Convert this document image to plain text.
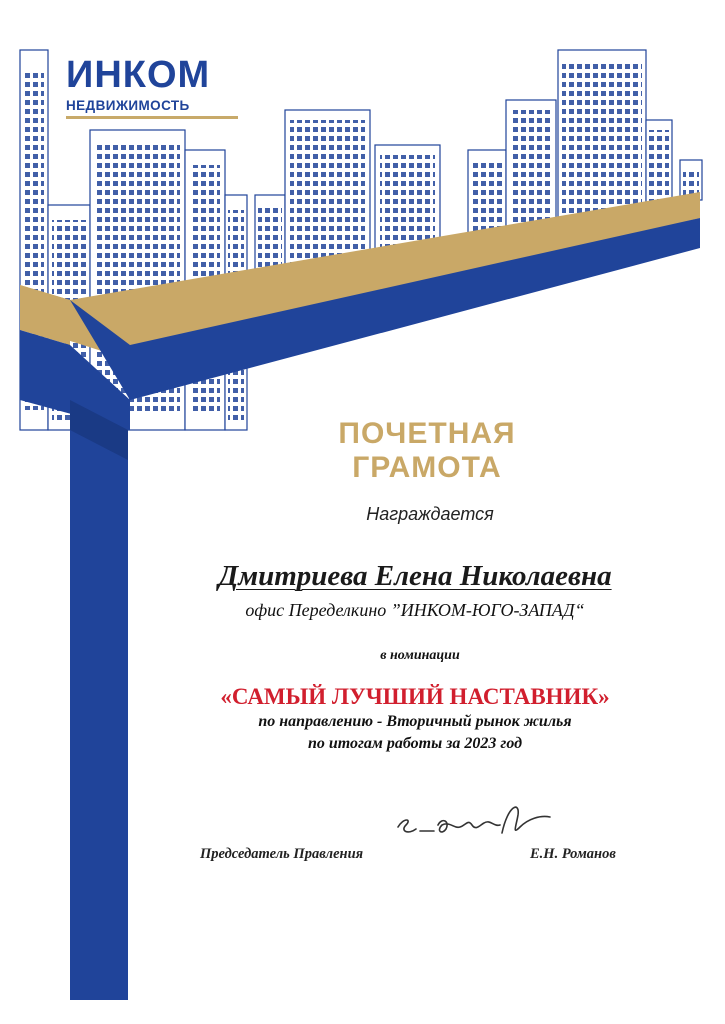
ИНКОМ
НЕДВИЖИМОСТЬ
ПОЧЕТНАЯ ГРАМОТА
Награждается
Дмитриева Елена Николаевна
офис Переделкино ”ИНКОМ-ЮГО-ЗАПАД“
в номинации
«САМЫЙ ЛУЧШИЙ НАСТАВНИК»
по направлению - Вторичный рынок жилья
по итогам работы за 2023 год
Председатель Правления	Е.Н. Романов
